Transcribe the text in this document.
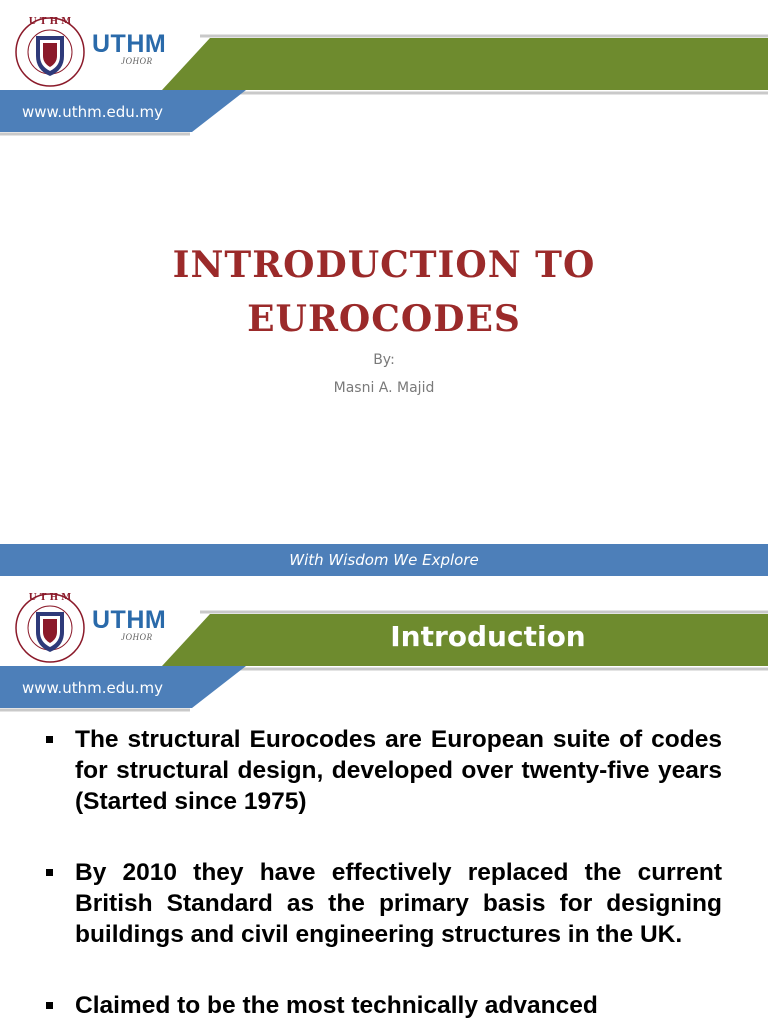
U T H M
UTHM
JOHOR
www.uthm.edu.my
INTRODUCTION TO
EUROCODES
By:
Masni A. Majid
With Wisdom We Explore
U T H M
UTHM
JOHOR	Introduction
www.uthm.edu.my
The structural Eurocodes are European suite of codes for structural design, developed over twenty-five years (Started since 1975)
By 2010 they have effectively replaced the current British Standard as the primary basis for designing buildings and civil engineering structures in the UK.
Claimed to be the most technically advanced
